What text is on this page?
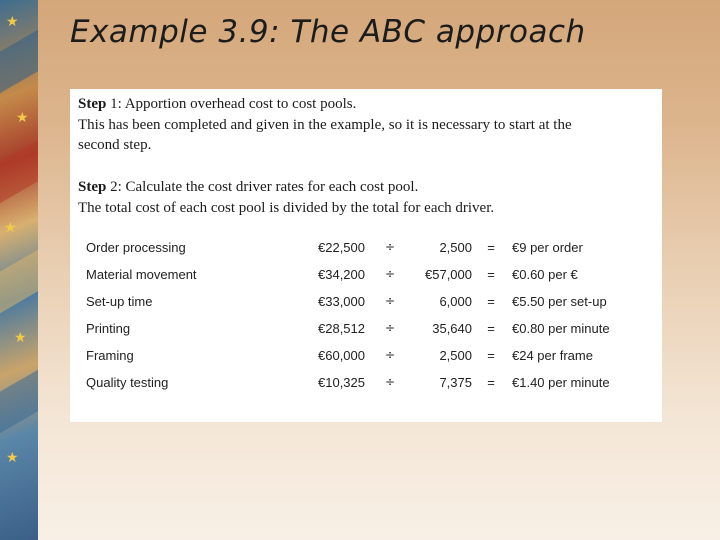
★
★
★
★
★
Example 3.9: The ABC approach
Step 1: Apportion overhead cost to cost pools.
This has been completed and given in the example, so it is necessary to start at the
second step.
Step 2: Calculate the cost driver rates for each cost pool.
The total cost of each cost pool is divided by the total for each driver.
Order processing	€22,500 ÷	2,500 = €9 per order
Material movement	€34,200 ÷	€57,000 = €0.60 per €
Set-up time	€33,000 ÷	6,000 = €5.50 per set-up
Printing	€28,512 ÷	35,640 = €0.80 per minute
Framing	€60,000 ÷	2,500 = €24 per frame
Quality testing	€10,325 ÷	7,375 = €1.40 per minute
